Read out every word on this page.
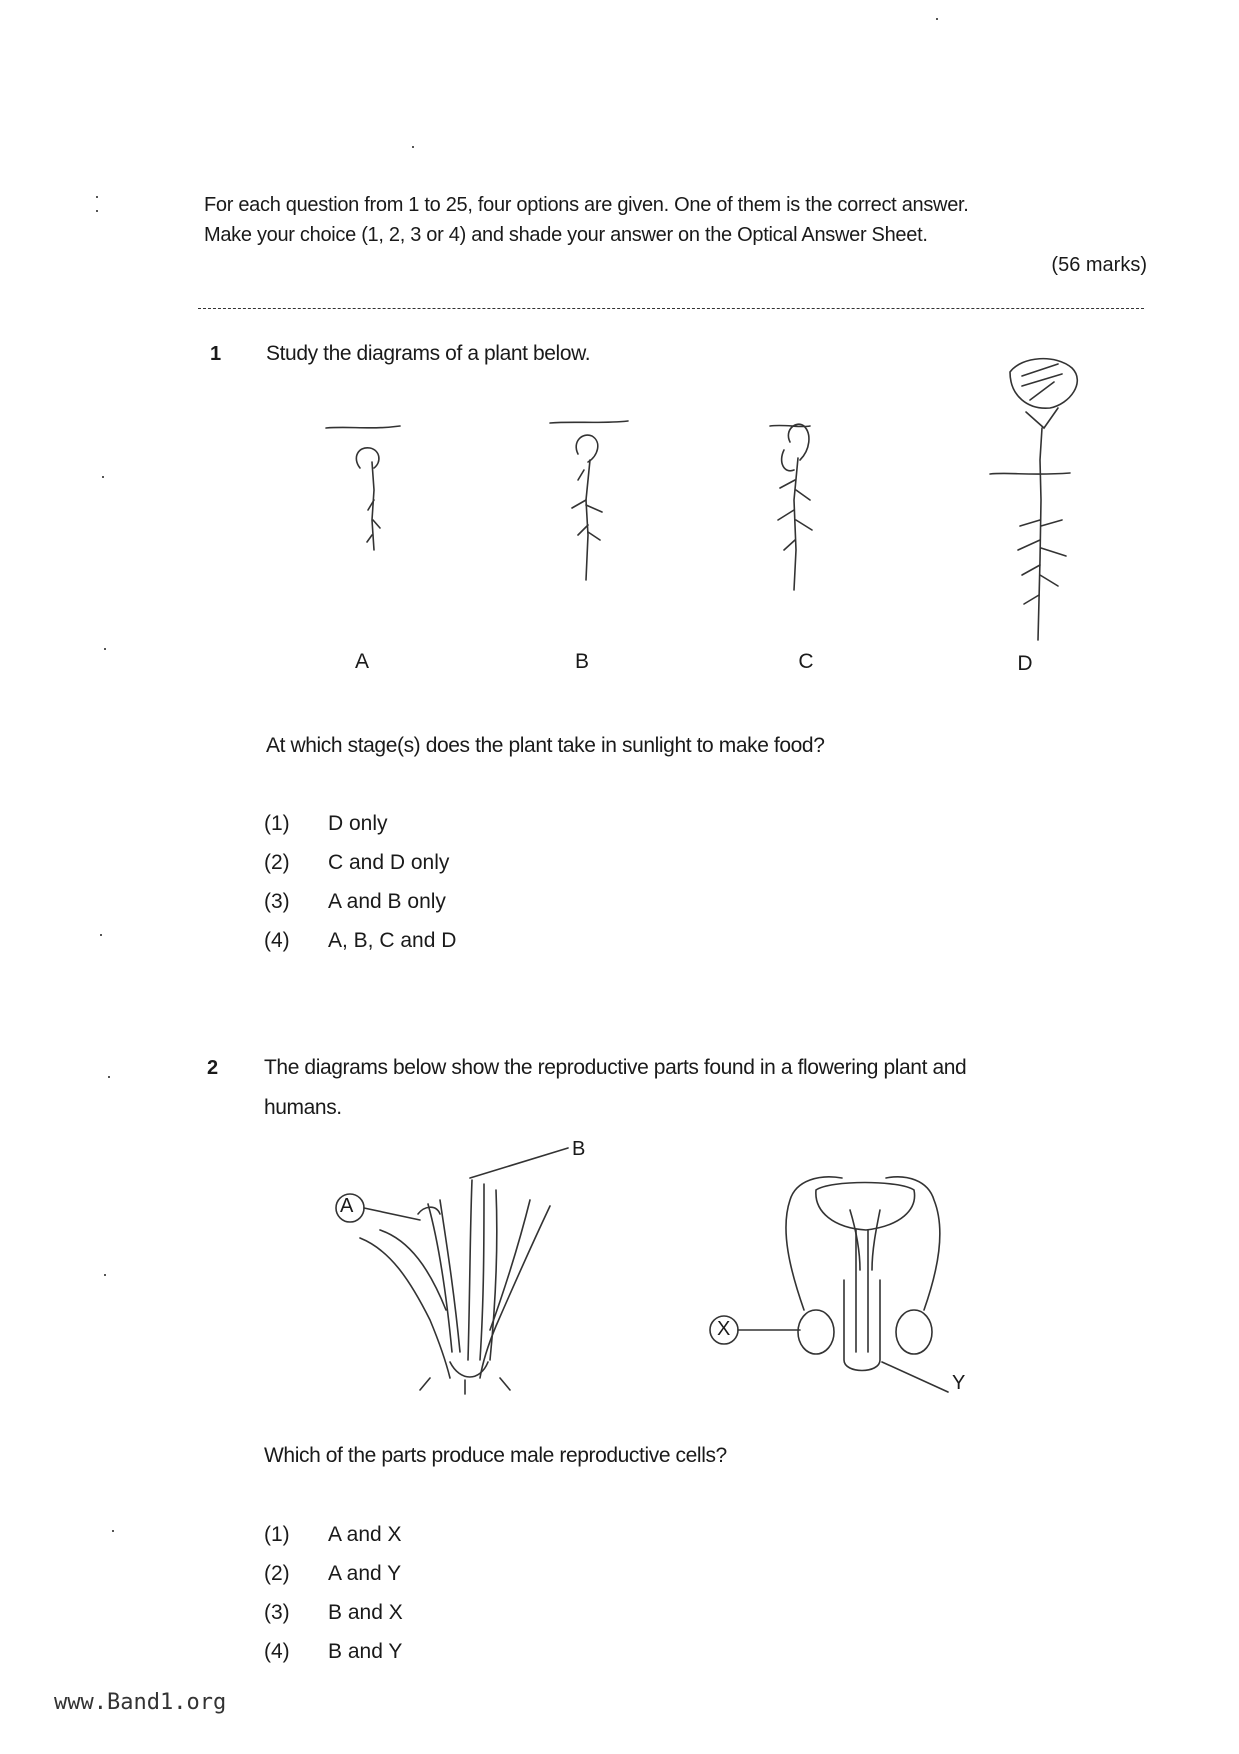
For each question from 1 to 25, four options are given. One of them is the correct answer.

Make your choice (1, 2, 3 or 4) and shade your answer on the Optical Answer Sheet.

(56 marks)
1 Study the diagrams of a plant below.
A	B	C	D
At which stage(s) does the plant take in sunlight to make food?
(1)	D only
(2)	C and D only
(3)	A and B only
(4)	A, B, C and D
2 The diagrams below show the reproductive parts found in a flowering plant and
humans.
A
B
X
Y
Which of the parts produce male reproductive cells?
(1)	A and X
(2)	A and Y
(3)	B and X
(4)	B and Y
www.Band1.org
